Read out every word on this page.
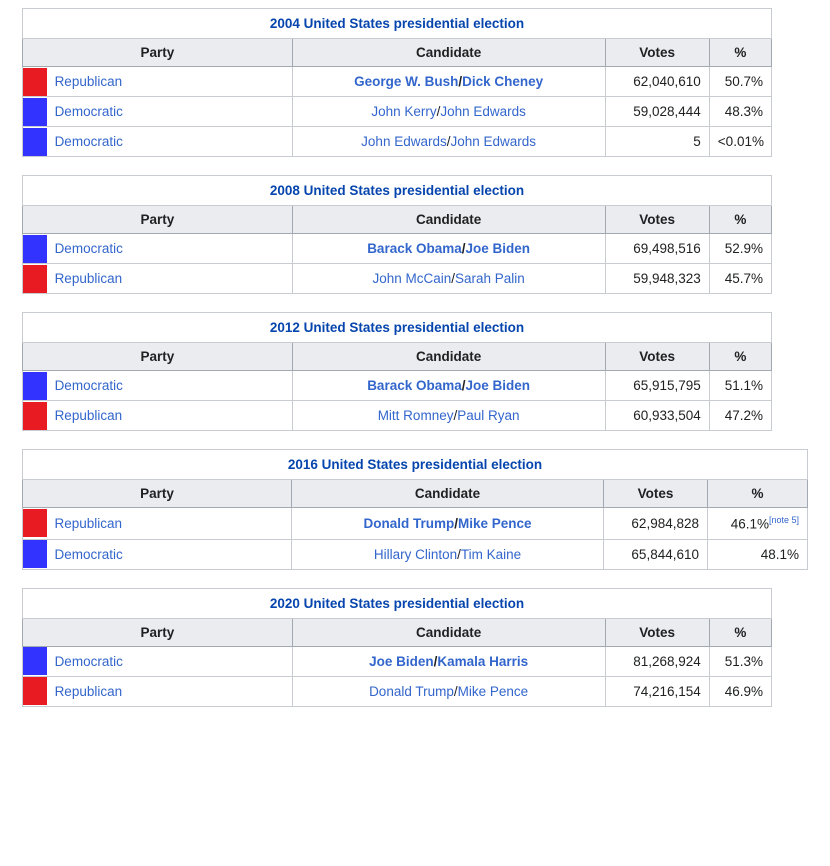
2004 United States presidential election				
Party		Candidate	Votes	%

	Republican	George W. Bush/Dick Cheney	62,040,610	50.7%

	Democratic	John Kerry/John Edwards	59,028,444	48.3%

	Democratic	John Edwards/John Edwards	5	<0.01%
2008 United States presidential election				
Party		Candidate	Votes	%

	Democratic	Barack Obama/Joe Biden	69,498,516	52.9%

	Republican	John McCain/Sarah Palin	59,948,323	45.7%
2012 United States presidential election				
Party		Candidate	Votes	%

	Democratic	Barack Obama/Joe Biden	65,915,795	51.1%

	Republican	Mitt Romney/Paul Ryan	60,933,504	47.2%
2016 United States presidential election				
Party		Candidate	Votes	%

	Republican	Donald Trump/Mike Pence	62,984,828	46.1%[note 5]

	Democratic	Hillary Clinton/Tim Kaine	65,844,610	48.1%
2020 United States presidential election				
Party		Candidate	Votes	%

	Democratic	Joe Biden/Kamala Harris	81,268,924	51.3%

	Republican	Donald Trump/Mike Pence	74,216,154	46.9%
